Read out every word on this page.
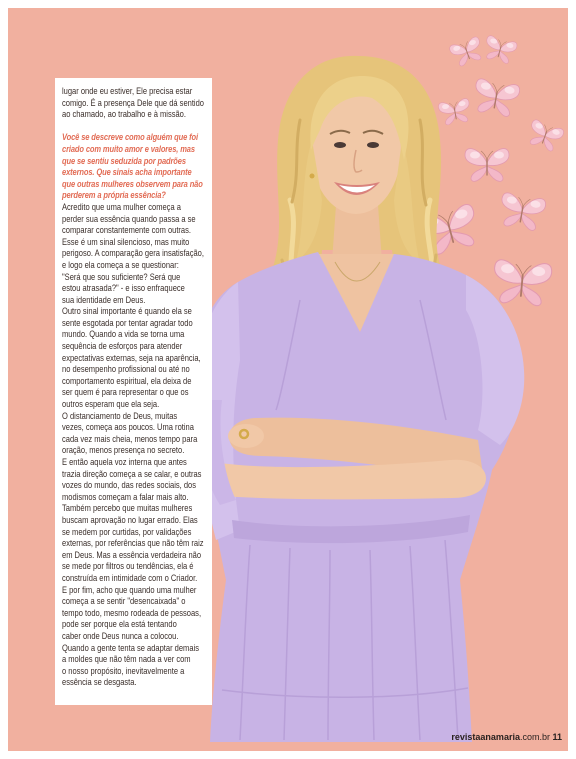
lugar onde eu estiver, Ele precisa estar
comigo. É a presença Dele que dá sentido
ao chamado, ao trabalho e à missão.
Você se descreve como alguém que foi
criado com muito amor e valores, mas
que se sentiu seduzida por padrões
externos. Que sinais acha importante
que outras mulheres observem para não
perderem a própria essência?
Acredito que uma mulher começa a
perder sua essência quando passa a se
comparar constantemente com outras.
Esse é um sinal silencioso, mas muito
perigoso. A comparação gera insatisfação,
e logo ela começa a se questionar:
"Será que sou suficiente? Será que
estou atrasada?" - e isso enfraquece
sua identidade em Deus.
Outro sinal importante é quando ela se
sente esgotada por tentar agradar todo
mundo. Quando a vida se torna uma
sequência de esforços para atender
expectativas externas, seja na aparência,
no desempenho profissional ou até no
comportamento espiritual, ela deixa de
ser quem é para representar o que os
outros esperam que ela seja.
O distanciamento de Deus, muitas
vezes, começa aos poucos. Uma rotina
cada vez mais cheia, menos tempo para
oração, menos presença no secreto.
E então aquela voz interna que antes
trazia direção começa a se calar, e outras
vozes do mundo, das redes sociais, dos
modismos começam a falar mais alto.
Também percebo que muitas mulheres
buscam aprovação no lugar errado. Elas
se medem por curtidas, por validações
externas, por referências que não têm raiz
em Deus. Mas a essência verdadeira não
se mede por filtros ou tendências, ela é
construída em intimidade com o Criador.
E por fim, acho que quando uma mulher
começa a se sentir "desencaixada" o
tempo todo, mesmo rodeada de pessoas,
pode ser porque ela está tentando
caber onde Deus nunca a colocou.
Quando a gente tenta se adaptar demais
a moldes que não têm nada a ver com
o nosso propósito, inevitavelmente a
essência se desgasta.
revistaanamaria.com.br 11
